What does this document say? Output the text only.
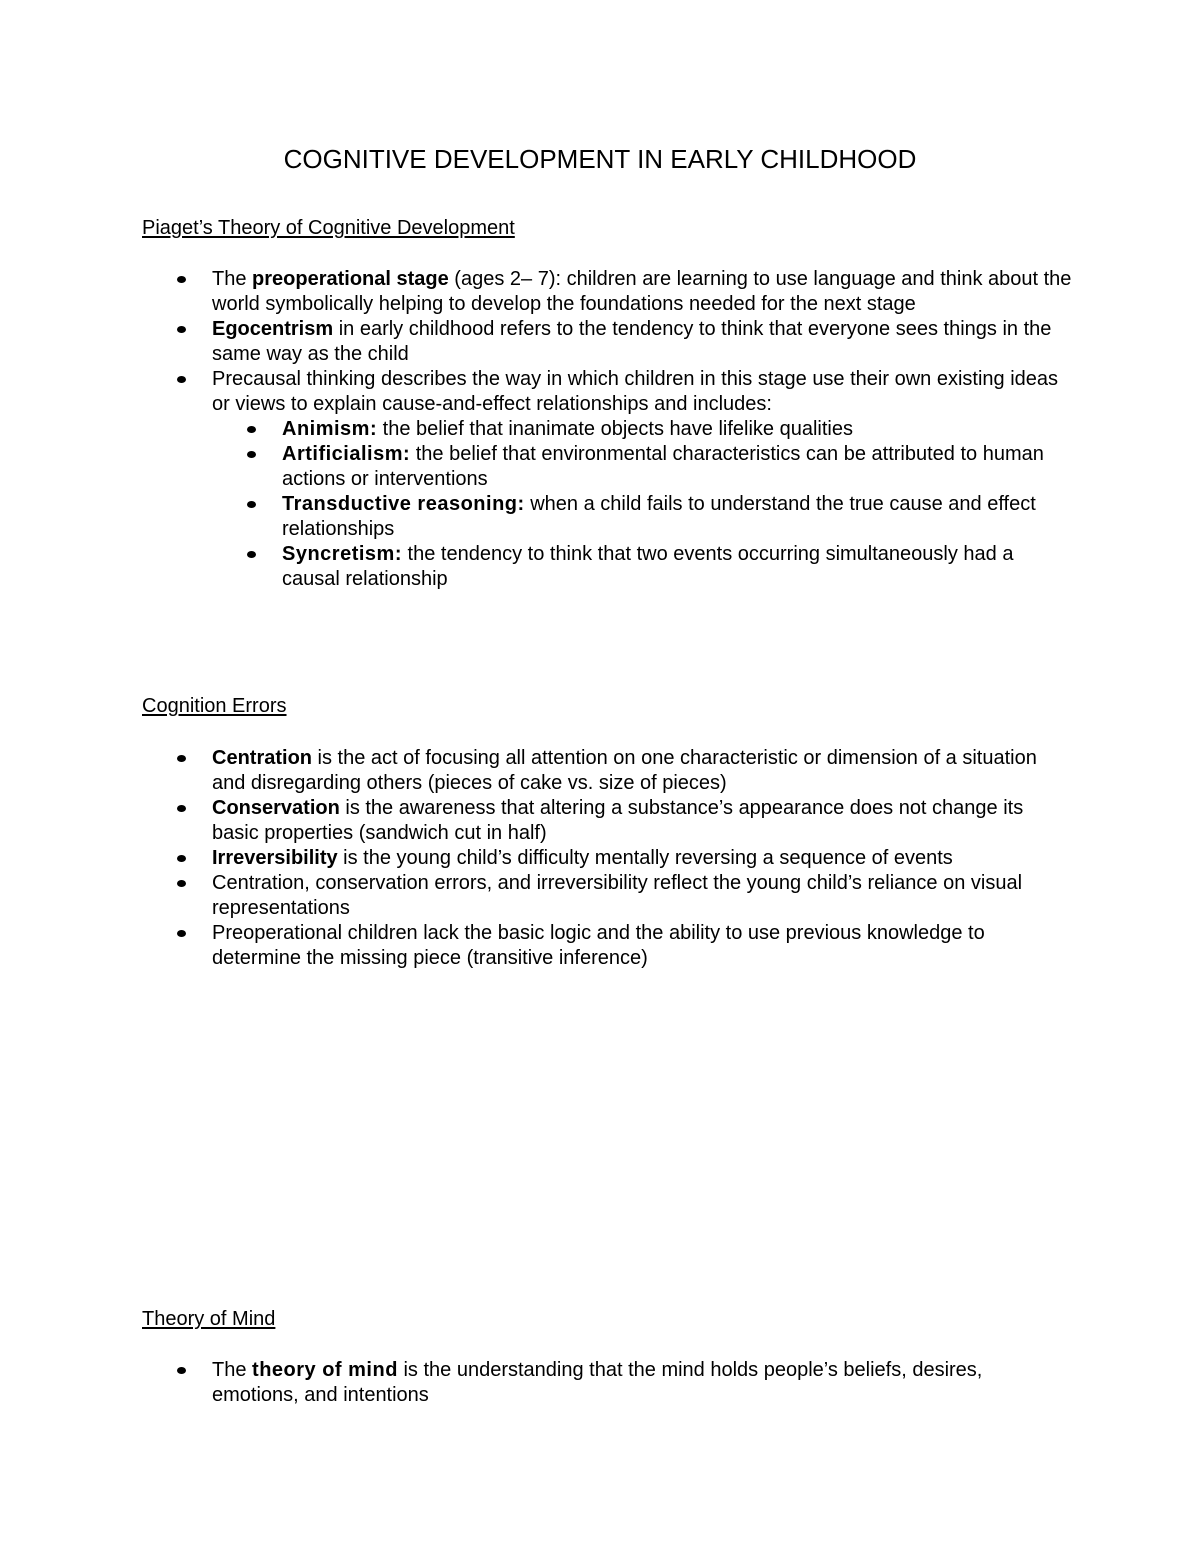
COGNITIVE DEVELOPMENT IN EARLY CHILDHOOD
Piaget’s Theory of Cognitive Development
The preoperational stage (ages 2– 7): children are learning to use language and think about the world symbolically helping to develop the foundations needed for the next stage
Egocentrism in early childhood refers to the tendency to think that everyone sees things in the same way as the child
Precausal thinking describes the way in which children in this stage use their own existing ideas or views to explain cause-and-effect relationships and includes:
Animism: the belief that inanimate objects have lifelike qualities
Artificialism: the belief that environmental characteristics can be attributed to human actions or interventions
Transductive reasoning: when a child fails to understand the true cause and effect relationships
Syncretism: the tendency to think that two events occurring simultaneously had a causal relationship
Cognition Errors
Centration is the act of focusing all attention on one characteristic or dimension of a situation and disregarding others (pieces of cake vs. size of pieces)
Conservation is the awareness that altering a substance’s appearance does not change its basic properties (sandwich cut in half)
Irreversibility is the young child’s difficulty mentally reversing a sequence of events
Centration, conservation errors, and irreversibility reflect the young child’s reliance on visual representations
Preoperational children lack the basic logic and the ability to use previous knowledge to determine the missing piece (transitive inference)
Theory of Mind
The theory of mind is the understanding that the mind holds people’s beliefs, desires, emotions, and intentions
